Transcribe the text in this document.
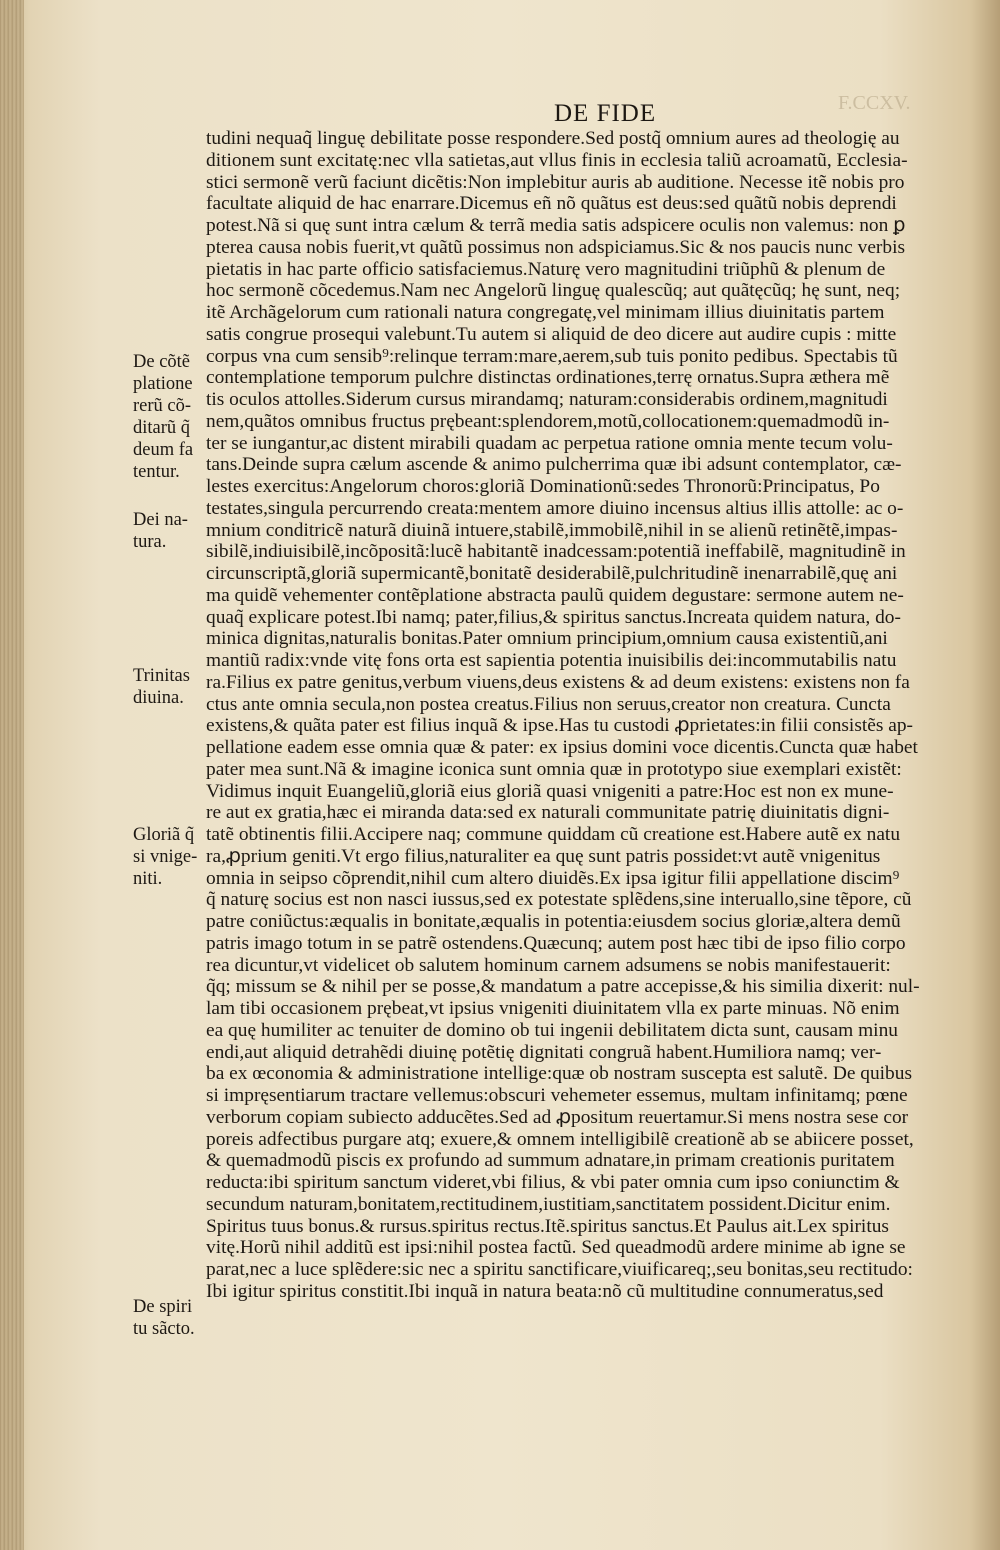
F.CCXV.
DE FIDE
tudini nequaq̃ linguę debilitate posse respondere.Sed postq̃ omnium aures ad theologię au
ditionem sunt excitatę:nec vlla satietas,aut vllus finis in ecclesia taliũ acroamatũ, Ecclesia-
stici sermonẽ verũ faciunt dicẽtis:Non implebitur auris ab auditione. Necesse itẽ nobis pro
facultate aliquid de hac enarrare.Dicemus eñ nõ quãtus est deus:sed quãtũ nobis deprendi
potest.Nã si quę sunt intra cælum & terrã media satis adspicere oculis non valemus: non ꝑ
pterea causa nobis fuerit,vt quãtũ possimus non adspiciamus.Sic & nos paucis nunc verbis
pietatis in hac parte officio satisfaciemus.Naturę vero magnitudini triũphũ & plenum de
hoc sermonẽ cõcedemus.Nam nec Angelorũ linguę qualescũq; aut quãtęcũq; hę sunt, neq;
itẽ Archãgelorum cum rationali natura congregatę,vel minimam illius diuinitatis partem
satis congrue prosequi valebunt.Tu autem si aliquid de deo dicere aut audire cupis : mitte
corpus vna cum sensib⁹:relinque terram:mare,aerem,sub tuis ponito pedibus. Spectabis tũ
contemplatione temporum pulchre distinctas ordinationes,terrę ornatus.Supra æthera mẽ
tis oculos attolles.Siderum cursus mirandamq; naturam:considerabis ordinem,magnitudi
nem,quãtos omnibus fructus prębeant:splendorem,motũ,collocationem:quemadmodũ in-
ter se iungantur,ac distent mirabili quadam ac perpetua ratione omnia mente tecum volu-
tans.Deinde supra cælum ascende & animo pulcherrima quæ ibi adsunt contemplator, cæ-
lestes exercitus:Angelorum choros:gloriã Dominationũ:sedes Thronorũ:Principatus, Po
testates,singula percurrendo creata:mentem amore diuino incensus altius illis attolle: ac o-
mnium conditricẽ naturã diuinã intuere,stabilẽ,immobilẽ,nihil in se alienũ retinẽtẽ,impas-
sibilẽ,indiuisibilẽ,incõpositã:lucẽ habitantẽ inadcessam:potentiã ineffabilẽ, magnitudinẽ in
circunscriptã,gloriã supermicantẽ,bonitatẽ desiderabilẽ,pulchritudinẽ inenarrabilẽ,quę ani
ma quidẽ vehementer contẽplatione abstracta paulũ quidem degustare: sermone autem ne-
quaq̃ explicare potest.Ibi namq; pater,filius,& spiritus sanctus.Increata quidem natura, do-
minica dignitas,naturalis bonitas.Pater omnium principium,omnium causa existentiũ,ani
mantiũ radix:vnde vitę fons orta est sapientia potentia inuisibilis dei:incommutabilis natu
ra.Filius ex patre genitus,verbum viuens,deus existens & ad deum existens: existens non fa
ctus ante omnia secula,non postea creatus.Filius non seruus,creator non creatura. Cuncta
existens,& quãta pater est filius inquã & ipse.Has tu custodi ꝓprietates:in filii consistẽs ap-
pellatione eadem esse omnia quæ & pater: ex ipsius domini voce dicentis.Cuncta quæ habet
pater mea sunt.Nã & imagine iconica sunt omnia quæ in prototypo siue exemplari existẽt:
Vidimus inquit Euangeliũ,gloriã eius gloriã quasi vnigeniti a patre:Hoc est non ex mune-
re aut ex gratia,hæc ei miranda data:sed ex naturali communitate patrię diuinitatis digni-
tatẽ obtinentis filii.Accipere naq; commune quiddam cũ creatione est.Habere autẽ ex natu
ra,ꝓprium geniti.Vt ergo filius,naturaliter ea quę sunt patris possidet:vt autẽ vnigenitus
omnia in seipso cõprendit,nihil cum altero diuidẽs.Ex ipsa igitur filii appellatione discim⁹
q̃ naturę socius est non nasci iussus,sed ex potestate splẽdens,sine interuallo,sine tẽpore, cũ
patre coniũctus:æqualis in bonitate,æqualis in potentia:eiusdem socius gloriæ,altera demũ
patris imago totum in se patrẽ ostendens.Quæcunq; autem post hæc tibi de ipso filio corpo
rea dicuntur,vt videlicet ob salutem hominum carnem adsumens se nobis manifestauerit:
q̃q; missum se & nihil per se posse,& mandatum a patre accepisse,& his similia dixerit: nul-
lam tibi occasionem prębeat,vt ipsius vnigeniti diuinitatem vlla ex parte minuas. Nõ enim
ea quę humiliter ac tenuiter de domino ob tui ingenii debilitatem dicta sunt, causam minu
endi,aut aliquid detrahẽdi diuinę potẽtię dignitati congruã habent.Humiliora namq; ver-
ba ex œconomia & administratione intellige:quæ ob nostram suscepta est salutẽ. De quibus
si impręsentiarum tractare vellemus:obscuri vehemeter essemus, multam infinitamq; pœne
verborum copiam subiecto adducẽtes.Sed ad ꝓpositum reuertamur.Si mens nostra sese cor
poreis adfectibus purgare atq; exuere,& omnem intelligibilẽ creationẽ ab se abiicere posset,
& quemadmodũ piscis ex profundo ad summum adnatare,in primam creationis puritatem
reducta:ibi spiritum sanctum videret,vbi filius, & vbi pater omnia cum ipso coniunctim &
secundum naturam,bonitatem,rectitudinem,iustitiam,sanctitatem possident.Dicitur enim.
Spiritus tuus bonus.& rursus.spiritus rectus.Itẽ.spiritus sanctus.Et Paulus ait.Lex spiritus
vitę.Horũ nihil additũ est ipsi:nihil postea factũ. Sed queadmodũ ardere minime ab igne se
parat,nec a luce splẽdere:sic nec a spiritu sanctificare,viuificareq;,seu bonitas,seu rectitudo:
Ibi igitur spiritus constitit.Ibi inquã in natura beata:nõ cũ multitudine connumeratus,sed
De cõtẽ
platione
rerũ cõ-
ditarũ q̃
deum fa
tentur.
Dei na-
tura.
Trinitas
diuina.
Gloriã q̃
si vnige-
niti.
De spiri
tu sãcto.
